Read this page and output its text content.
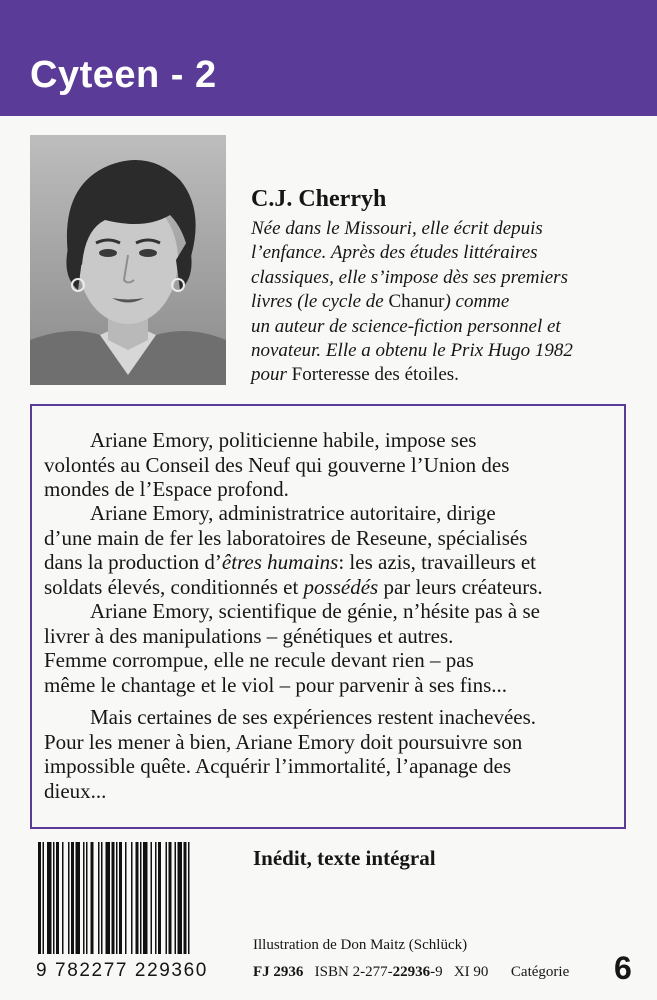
Cyteen - 2
C.J. Cherryh
Née dans le Missouri, elle écrit depuis
l’enfance. Après des études littéraires
classiques, elle s’impose dès ses premiers
livres (le cycle de Chanur) comme
un auteur de science-fiction personnel et
novateur. Elle a obtenu le Prix Hugo 1982
pour Forteresse des étoiles.
Ariane Emory, politicienne habile, impose ses
volontés au Conseil des Neuf qui gouverne l’Union des
mondes de l’Espace profond.
Ariane Emory, administratrice autoritaire, dirige
d’une main de fer les laboratoires de Reseune, spécialisés
dans la production d’êtres humains: les azis, travailleurs et
soldats élevés, conditionnés et possédés par leurs créateurs.
Ariane Emory, scientifique de génie, n’hésite pas à se
livrer à des manipulations – génétiques et autres.
Femme corrompue, elle ne recule devant rien – pas
même le chantage et le viol – pour parvenir à ses fins...
Mais certaines de ses expériences restent inachevées.
Pour les mener à bien, Ariane Emory doit poursuivre son
impossible quête. Acquérir l’immortalité, l’apanage des
dieux...
9 782277 229360
Inédit, texte intégral
Illustration de Don Maitz (Schlück)
FJ 2936 ISBN 2-277-22936-9 XI 90 Catégorie 6
